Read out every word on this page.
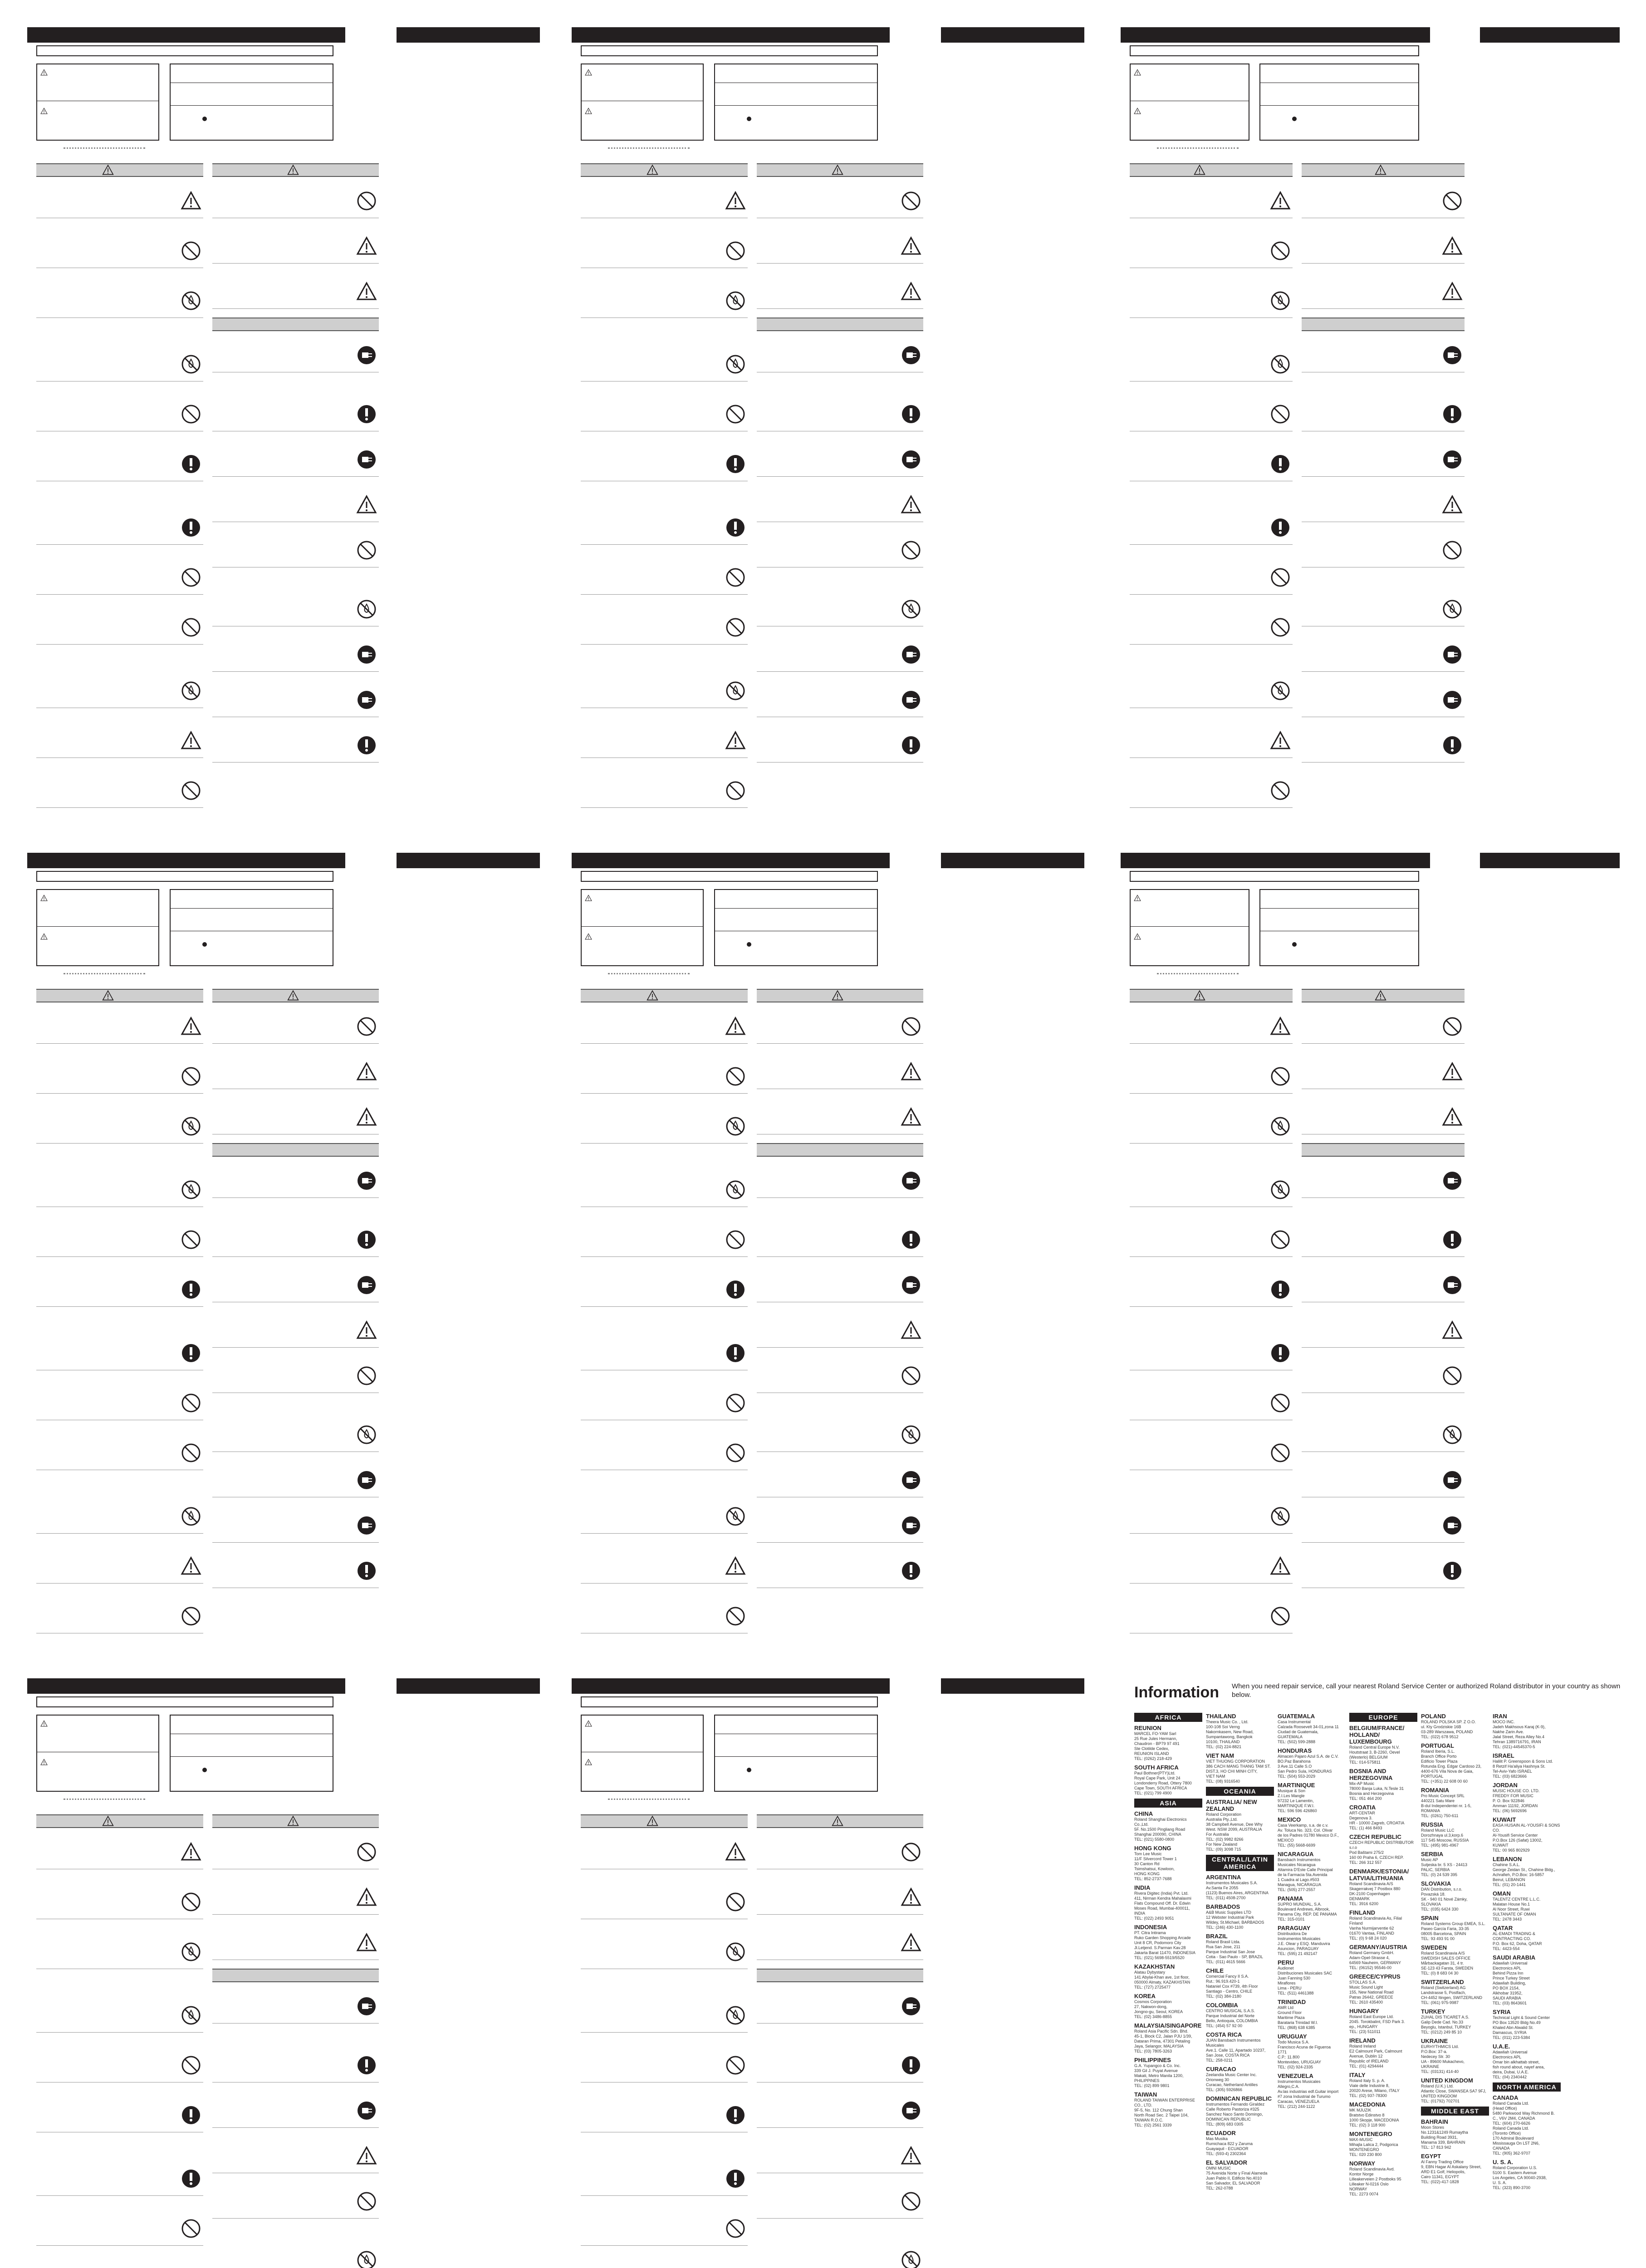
Information When you need repair service, call your nearest Roland Service Center or authorized Roland distributor in your country as shown below.
AFRICA
REUNION
MARCEL FO-YAM Sarl
25 Rue Jules Hermann,
Chaudron - BP79 97 491
Ste Clotilde Cedex,
REUNION ISLAND
TEL: (0262) 218-429
SOUTH AFRICA
Paul Bothner(PTY)Ltd.
Royal Cape Park, Unit 24
Londonderry Road, Ottery 7800
Cape Town, SOUTH AFRICA
TEL: (021) 799 4900
ASIA
CHINA
Roland Shanghai Electronics
Co.,Ltd.
5F. No.1500 Pingliang Road
Shanghai 200090, CHINA
TEL: (021) 5580-0800
HONG KONG
Tom Lee Music
11/F Silvercord Tower 1
30 Canton Rd
Tsimshatsui, Kowloon,
HONG KONG
TEL: 852-2737-7688
INDIA
Rivera Digitec (India) Pvt. Ltd.
411, Nirman Kendra Mahalaxmi
Flats Compound Off. Dr. Edwin
Moses Road, Mumbai-400011,
INDIA
TEL: (022) 2493 9051
INDONESIA
PT. Citra Intirama
Ruko Garden Shopping Arcade
Unit 8 CR, Podomoro City
Jl.Letjend. S.Parman Kav.28
Jakarta Barat 11470, INDONESIA
TEL: (021) 5698-5519/5520
KAZAKHSTAN
Alatau Dybystary
141 Abylai-Khan ave, 1st floor,
050000 Almaty, KAZAKHSTAN
TEL: (727) 2725477
KOREA
Cosmos Corporation
27, Nakwon-dong,
Jongno-gu, Seoul, KOREA
TEL: (02) 3486-8855
MALAYSIA/SINGAPORE
Roland Asia Pacific Sdn. Bhd.
45-1, Block C2, Jalan PJU 1/39,
Dataran Prima, 47301 Petaling
Jaya, Selangor, MALAYSIA
TEL: (03) 7805-3263
PHILIPPINES
G.A. Yupangco & Co. Inc.
339 Gil J. Puyat Avenue
Makati, Metro Manila 1200,
PHILIPPINES
TEL: (02) 899 9801
TAIWAN
ROLAND TAIWAN ENTERPRISE
CO., LTD.
9F-5, No. 112 Chung Shan
North Road Sec. 2 Taipei 104,
TAIWAN R.O.C.
TEL: (02) 2561 3339
THAILAND
Theera Music Co. , Ltd.
100-108 Soi Verng
Nakornkasem, New Road,
Sumpantawong, Bangkok
10100, THAILAND
TEL: (02) 224-8821
VIET NAM
VIET THUONG CORPORATION
386 CACH MANG THANG TAM ST.
DIST.3, HO CHI MINH CITY,
VIET NAM
TEL: (08) 9316540
OCEANIA
AUSTRALIA/ NEW ZEALAND
Roland Corporation
Australia Pty.,Ltd.
38 Campbell Avenue, Dee Why
West. NSW 2099, AUSTRALIA
For Australia
TEL: (02) 9982 8266
For New Zealand
TEL: (09) 3098 715
CENTRAL/LATIN AMERICA
ARGENTINA
Instrumentos Musicales S.A.
Av.Santa Fe 2055
(1123) Buenos Aires, ARGENTINA
TEL: (011) 4508-2700
BARBADOS
A&B Music Supplies LTD
12 Webster Industrial Park
Wildey, St.Michael, BARBADOS
TEL: (246) 430-1100
BRAZIL
Roland Brasil Ltda.
Rua San Jose, 211
Parque Industrial San Jose
Cotia - Sao Paulo - SP, BRAZIL
TEL: (011) 4615 5666
CHILE
Comercial Fancy II S.A.
Rut.: 96.919.420-1
Nataniel Cox #739, 4th Floor
Santiago - Centro, CHILE
TEL: (02) 384-2180
COLOMBIA
CENTRO MUSICAL S.A.S.
Parque Industrial del Norte
Bello, Antioquia, COLOMBIA
TEL: (454) 57 92 00
COSTA RICA
JUAN Bansbach Instrumentos
Musicales
Ave.1. Calle 11, Apartado 10237,
San Jose, COSTA RICA
TEL: 258-0211
CURACAO
Zeelandia Music Center Inc.
Orionweg 30
Curacao, Netherland Antilles
TEL: (305) 5926866
DOMINICAN REPUBLIC
Instrumentos Fernando Giraldez
Calle Roberto Pastoriza #325
Sanchez Naco Santo Domingo,
DOMINICAN REPUBLIC
TEL: (809) 683 0305
ECUADOR
Mas Musika
Rumichaca 822 y Zaruma
Guayaquil - ECUADOR
TEL: (593-4) 2302364
EL SALVADOR
OMNI MUSIC
75 Avenida Norte y Final Alameda
Juan Pablo II, Edificio No.4010
San Salvador, EL SALVADOR
TEL: 262-0788
GUATEMALA
Casa Instrumental
Calzada Roosevelt 34-01,zona 11
Ciudad de Guatemala,
GUATEMALA
TEL: (502) 599-2888
HONDURAS
Almacen Pajaro Azul S.A. de C.V.
BO.Paz Barahona
3 Ave.11 Calle S.O
San Pedro Sula, HONDURAS
TEL: (504) 553-2029
MARTINIQUE
Musique & Son
Z.I.Les Mangle
97232 Le Lamentin,
MARTINIQUE F.W.I.
TEL: 596 596 426860
MEXICO
Casa Veerkamp, s.a. de c.v.
Av. Toluca No. 323, Col. Olivar
de los Padres 01780 Mexico D.F.,
MEXICO
TEL: (55) 5668-6699
NICARAGUA
Bansbach Instrumentos
Musicales Nicaragua
Altamira D'Este Calle Principal
de la Farmacia 5ta.Avenida
1 Cuadra al Lago.#503
Managua, NICARAGUA
TEL: (505) 277-2557
PANAMA
SUPRO MUNDIAL, S.A.
Boulevard Andrews, Albrook,
Panama City, REP. DE PANAMA
TEL: 315-0101
PARAGUAY
Distribuidora De
Instrumentos Musicales
J.E. Olear y ESQ. Manduvira
Asuncion, PARAGUAY
TEL: (595) 21 492147
PERU
Audionet
Distribuciones Musicales SAC
Juan Fanning 530
Miraflores
Lima - PERU
TEL: (511) 4461388
TRINIDAD
AMR Ltd
Ground Floor
Maritime Plaza
Barataria Trinidad W.I.
TEL: (868) 638 6385
URUGUAY
Todo Musica S.A.
Francisco Acuna de Figueroa
1771
C.P.: 11.800
Montevideo, URUGUAY
TEL: (02) 924-2335
VENEZUELA
Instrumentos Musicales
Allegro,C.A.
Av.las industrias edf.Guitar import
#7 zona Industrial de Turumo
Caracas, VENEZUELA
TEL: (212) 244-1122
EUROPE
BELGIUM/FRANCE/ HOLLAND/ LUXEMBOURG
Roland Central Europe N.V.
Houtstraat 3, B-2260, Oevel
(Westerlo) BELGIUM
TEL: 014-575811
BOSNIA AND HERZEGOVINA
Mix-AP Music
78000 Banja Luka, N.Tesle 31
Bosnia and Herzegovina
TEL: 051 464 200
CROATIA
ART-CENTAR
Degenova 3.
HR - 10000 Zagreb, CROATIA
TEL: (1) 466 8493
CZECH REPUBLIC
CZECH REPUBLIC DISTRIBUTOR s.r.o
Pod Baštami 275/2
160 00 Praha 6, CZECH REP.
TEL: 266 312 557
DENMARK/ESTONIA/ LATVIA/LITHUANIA
Roland Scandinavia A/S
Skagerrakvej 7 Postbox 880
DK-2100 Copenhagen
DENMARK
TEL: 3916 6200
FINLAND
Roland Scandinavia As, Filial
Finland
Vanha Nurmijarventie 62
01670 Vantaa, FINLAND
TEL: (0) 9 68 24 020
GERMANY/AUSTRIA
Roland Germany GmbH.
Adam-Opel-Strasse 4,
64569 Nauheim, GERMANY
TEL: (06152) 95546-00
GREECE/CYPRUS
STOLLAS S.A.
Music Sound Light
155, New National Road
Patras 26442, GREECE
TEL: 2610 435400
HUNGARY
Roland East Europe Ltd.
2045. Torokbalint, FSD Park 3.
ep., HUNGARY
TEL: (23) 511011
IRELAND
Roland Ireland
E2 Calmount Park, Calmount
Avenue, Dublin 12
Republic of IRELAND
TEL: (01) 4294444
ITALY
Roland Italy S. p. A.
Viale delle Industrie 8,
20020 Arese, Milano, ITALY
TEL: (02) 937-78300
MACEDONIA
MK MJUZIK
Bratstvo Edinstvo 8
1000 Skopje, MACEDONIA
TEL: (02) 3 118 900
MONTENEGRO
MAX-MUSIC
Mihajla Lalica 2, Podgorica
MONTENEGRO
TEL: 020 230 800
NORWAY
Roland Scandinavia Avd.
Kontor Norge
Lilleakerveien 2 Postboks 95
Lilleaker N-0216 Oslo
NORWAY
TEL: 2273 0074
POLAND
ROLAND POLSKA SP. Z O.O.
ul. Kty Grodziskie 16B
03-289 Warszawa, POLAND
TEL: (022) 678 9512
PORTUGAL
Roland Iberia, S.L.
Branch Office Porto
Edificio Tower Plaza
Rotunda Eng. Edgar Cardoso 23,
4400-676 Vila Nova de Gaia,
PORTUGAL
TEL: (+351) 22 608 00 60
ROMANIA
Pro Music Concept SRL
440221 Satu Mare
B-dul Independentei nr. 1-5,
ROMANIA
TEL: (0261) 750-611
RUSSIA
Roland Music LLC
Dorozhnaya ul.3,korp.6
117 545 Moscow, RUSSIA
TEL: (495) 981-4967
SERBIA
Music AP
Sutjeska br. 5 XS - 24413
PALIC, SERBIA
TEL: (0) 24 539 395
SLOVAKIA
DAN Distribution, s.r.o.
Povazská 18.
SK - 940 01 Nové Zámky,
SLOVAKIA
TEL: (035) 6424 330
SPAIN
Roland Systems Group EMEA, S.L.
Paseo García Faria, 33-35
08005 Barcelona, SPAIN
TEL: 93 493 91 00
SWEDEN
Roland Scandinavia A/S
SWEDISH SALES OFFICE
Mårbackagatan 31, 4 tr.
SE-123 43 Farsta, SWEDEN
TEL: (0) 8 683 04 30
SWITZERLAND
Roland (Switzerland) AG
Landstrasse 5, Postfach,
CH-4452 Itingen, SWITZERLAND
TEL: (061) 975-9987
TURKEY
ZUHAL DIS TICARET A.S.
Galip Dede Cad. No.33
Beyoglu, Istanbul, TURKEY
TEL: (0212) 249 85 10
UKRAINE
EURHYTHMICS Ltd.
P.O.Box: 37-a.
Nedecey Str. 30
UA - 89600 Mukachevo,
UKRAINE
TEL: (03131) 414-40
UNITED KINGDOM
Roland (U.K.) Ltd.
Atlantic Close, SWANSEA SA7 9FJ,
UNITED KINGDOM
TEL: (01792) 702701
MIDDLE EAST
BAHRAIN
Moon Stores
No.1231&1249 Rumaytha
Building Road 3931,
Manama 339, BAHRAIN
TEL: 17 813 942
EGYPT
Al Fanny Trading Office
9, EBN Hagar Al Askalany Street,
ARD E1 Golf, Heliopolis,
Cairo 11341, EGYPT
TEL: (022)-417-1828
IRAN
MOCO INC.
Jadeh Makhsous Karaj (K-9),
Nakhe Zarin Ave.
Jalal Street, Reza Alley No.4
Tehran 1389716791, IRAN
TEL: (021)-44545370-5
ISRAEL
Halilit P. Greenspoon & Sons Ltd.
8 Retzif Ha'aliya Hashnya St.
Tel-Aviv-Yafo ISRAEL
TEL: (03) 6823666
JORDAN
MUSIC HOUSE CO. LTD.
FREDDY FOR MUSIC
P. O. Box 922846
Amman 11192, JORDAN
TEL: (06) 5692696
KUWAIT
EASA HUSAIN AL-YOUSIFI & SONS CO.
Al-Yousifi Service Center
P.O.Box 126 (Safat) 13002,
KUWAIT
TEL: 00 965 802929
LEBANON
Chahine S.A.L.
George Zeidan St., Chahine Bldg.,
Achrafieh, P.O.Box: 16-5857
Beirut, LEBANON
TEL: (01) 20-1441
OMAN
TALENTZ CENTRE L.L.C.
Malatan House No.1
Al Noor Street, Ruwi
SULTANATE OF OMAN
TEL: 2478 3443
QATAR
AL-EMADI TRADING & CONTRACTING CO.
P.O. Box 62, Doha, QATAR
TEL: 4423-554
SAUDI ARABIA
Adawliah Universal
Electronics APL
Behind Pizza Inn
Prince Turkey Street
Adawliah Building,
PO BOX 2154,
Alkhobar 31952,
SAUDI ARABIA
TEL: (03) 8643601
SYRIA
Technical Light & Sound Center
PO Box 13520 Bldg No.49
Khaled Abn Alwalid St.
Damascus, SYRIA
TEL: (011) 223-5384
U.A.E.
Adawliah Universal
Electronics APL
Omar bin alkhattab street,
fish round about, nayef area,
deira, Dubai, U.A.E.
TEL: (04) 2340442
NORTH AMERICA
CANADA
Roland Canada Ltd.
(Head Office)
5480 Parkwood Way Richmond B.
C., V6V 2M4, CANADA
TEL: (604) 270-6626
Roland Canada Ltd.
(Toronto Office)
170 Admiral Boulevard
Mississauga On L5T 2N6,
CANADA
TEL: (905) 362-9707
U. S. A.
Roland Corporation U.S.
5100 S. Eastern Avenue
Los Angeles, CA 90040-2938,
U. S. A.
TEL: (323) 890-3700
